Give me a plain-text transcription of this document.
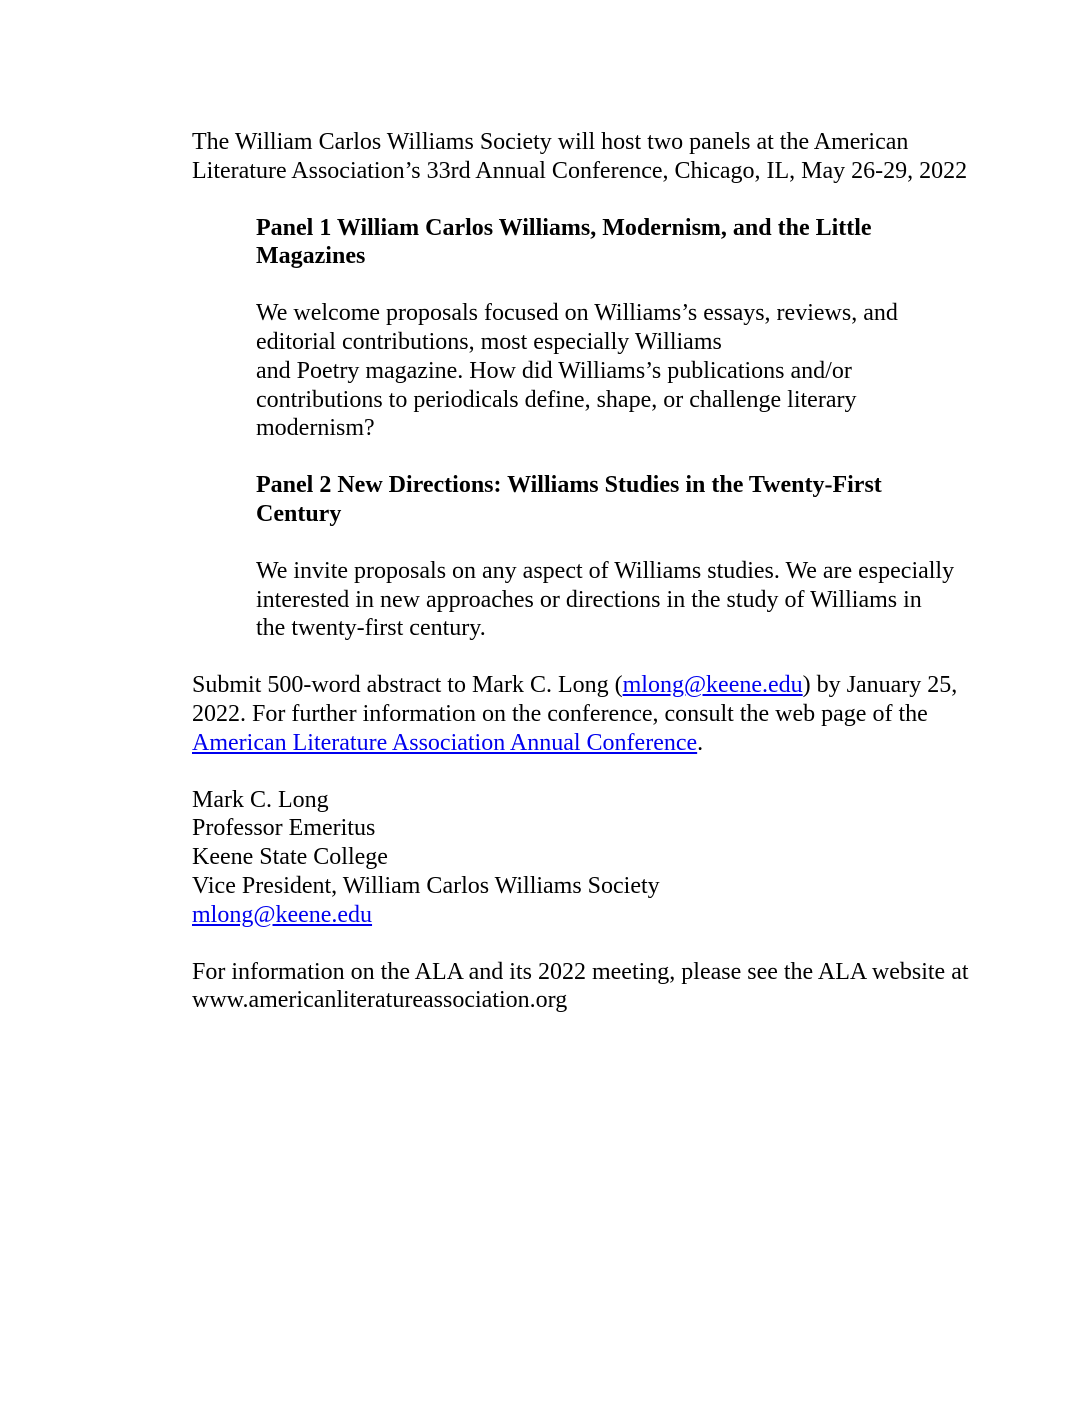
The William Carlos Williams Society will host two panels at the American Literature Association’s 33rd Annual Conference, Chicago, IL, May 26-29, 2022

Panel 1 William Carlos Williams, Modernism, and the Little Magazines

We welcome proposals focused on Williams’s essays, reviews, and editorial contributions, most especially Williams
and Poetry magazine. How did Williams’s publications and/or contributions to periodicals define, shape, or challenge literary modernism?

Panel 2 New Directions: Williams Studies in the Twenty-First Century

We invite proposals on any aspect of Williams studies. We are especially interested in new approaches or directions in the study of Williams in the twenty-first century.

Submit 500-word abstract to Mark C. Long (mlong@keene.edu) by January 25, 2022. For further information on the conference, consult the web page of the American Literature Association Annual Conference.

Mark C. Long
Professor Emeritus
Keene State College
Vice President, William Carlos Williams Society
mlong@keene.edu

For information on the ALA and its 2022 meeting, please see the ALA website at www.americanliteratureassociation.org
